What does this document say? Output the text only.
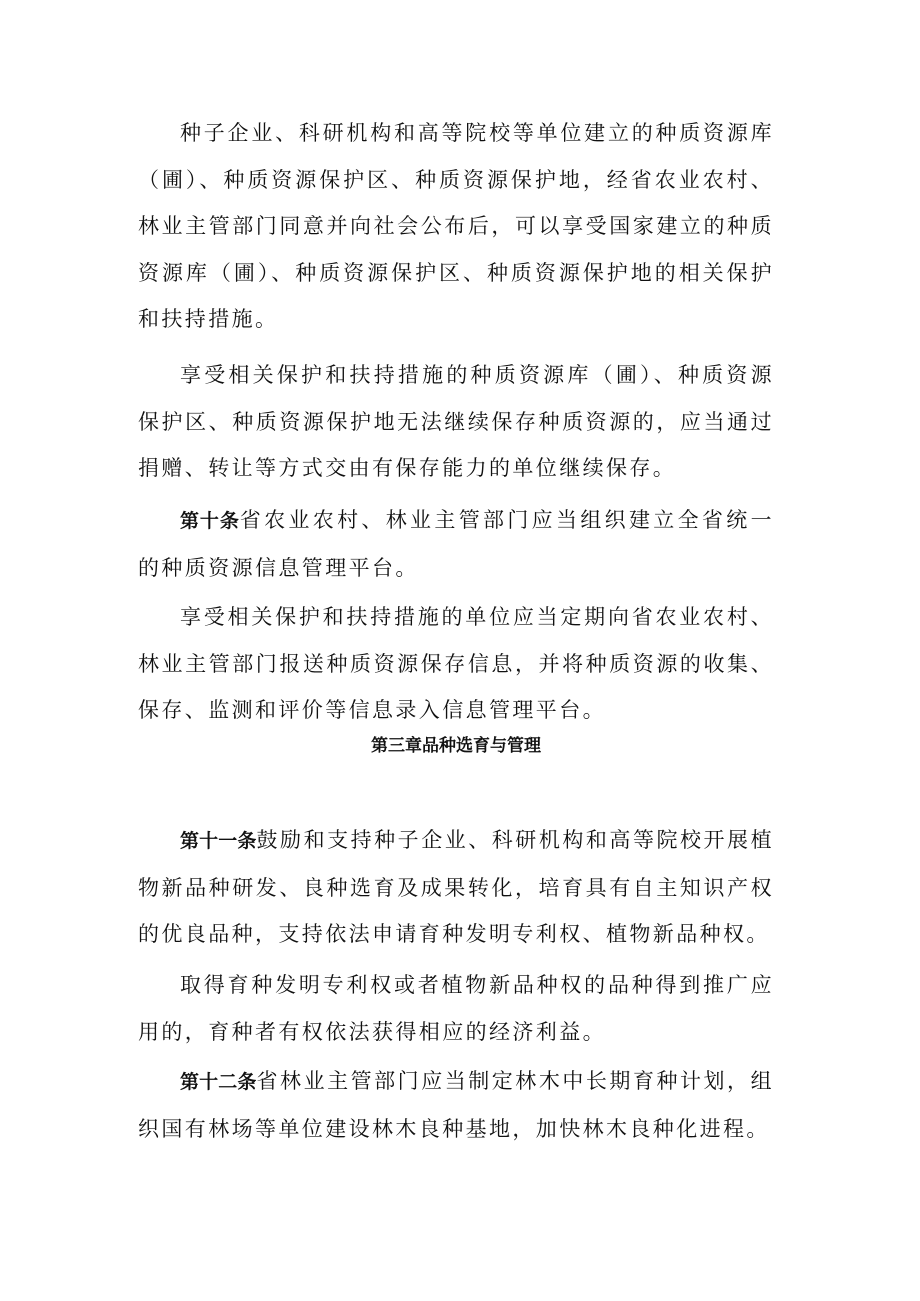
种子企业、科研机构和高等院校等单位建立的种质资源库（圃）、种质资源保护区、种质资源保护地，经省农业农村、林业主管部门同意并向社会公布后，可以享受国家建立的种质资源库（圃）、种质资源保护区、种质资源保护地的相关保护和扶持措施。

享受相关保护和扶持措施的种质资源库（圃）、种质资源保护区、种质资源保护地无法继续保存种质资源的，应当通过捐赠、转让等方式交由有保存能力的单位继续保存。

第十条省农业农村、林业主管部门应当组织建立全省统一的种质资源信息管理平台。

享受相关保护和扶持措施的单位应当定期向省农业农村、林业主管部门报送种质资源保存信息，并将种质资源的收集、保存、监测和评价等信息录入信息管理平台。

第三章品种选育与管理

第十一条鼓励和支持种子企业、科研机构和高等院校开展植物新品种研发、良种选育及成果转化，培育具有自主知识产权的优良品种，支持依法申请育种发明专利权、植物新品种权。

取得育种发明专利权或者植物新品种权的品种得到推广应用的，育种者有权依法获得相应的经济利益。

第十二条省林业主管部门应当制定林木中长期育种计划，组织国有林场等单位建设林木良种基地，加快林木良种化进程。
